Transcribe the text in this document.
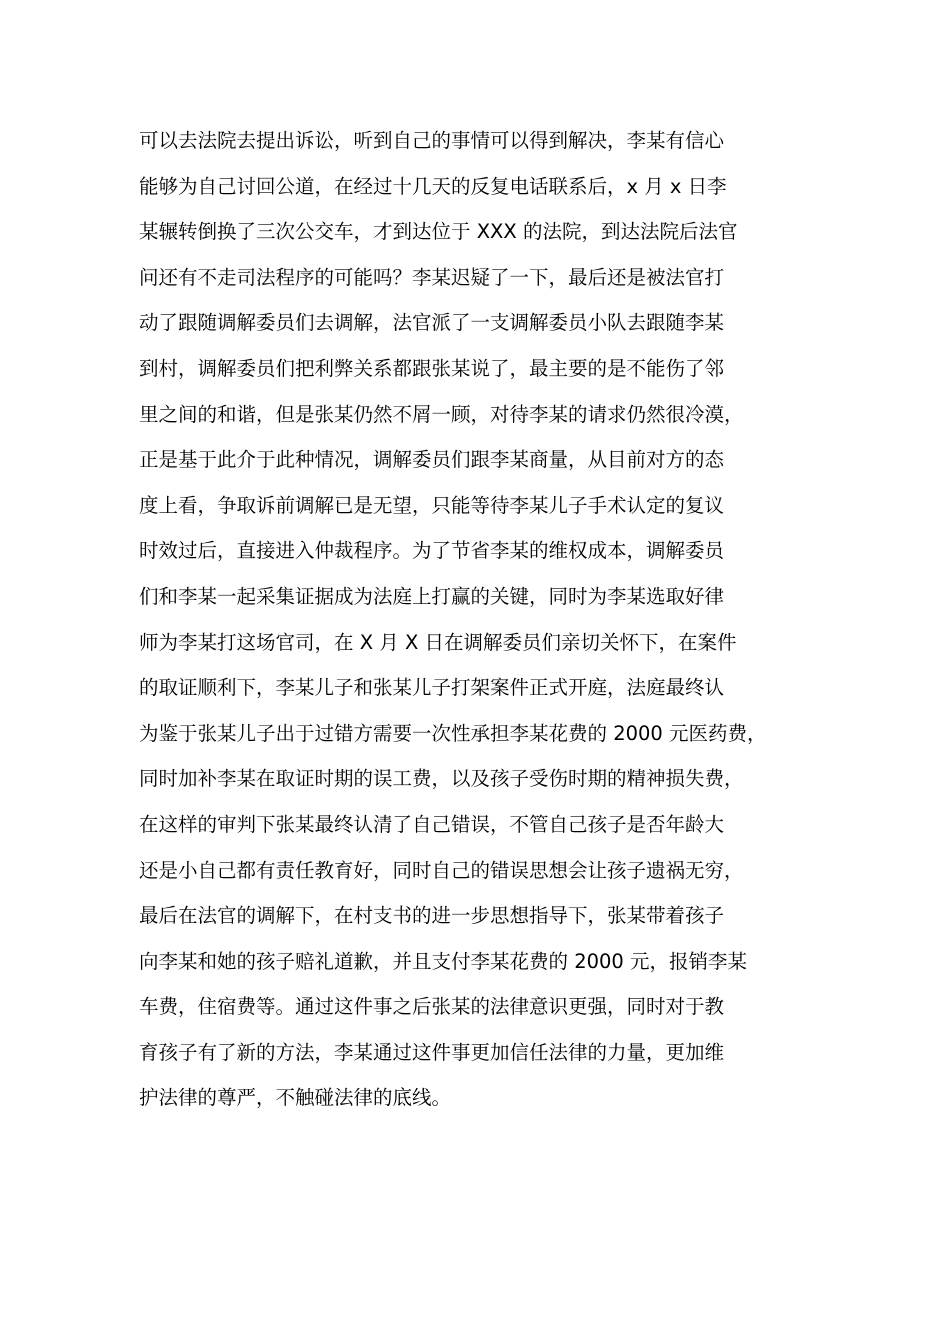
可以去法院去提出诉讼，听到自己的事情可以得到解决，李某有信心
能够为自己讨回公道，在经过十几天的反复电话联系后，x 月 x 日李
某辗转倒换了三次公交车，才到达位于 XXX 的法院，到达法院后法官
问还有不走司法程序的可能吗？李某迟疑了一下，最后还是被法官打
动了跟随调解委员们去调解，法官派了一支调解委员小队去跟随李某
到村，调解委员们把利弊关系都跟张某说了，最主要的是不能伤了邻
里之间的和谐，但是张某仍然不屑一顾，对待李某的请求仍然很冷漠，
正是基于此介于此种情况，调解委员们跟李某商量，从目前对方的态
度上看，争取诉前调解已是无望，只能等待李某儿子手术认定的复议
时效过后，直接进入仲裁程序。为了节省李某的维权成本，调解委员
们和李某一起采集证据成为法庭上打赢的关键，同时为李某选取好律
师为李某打这场官司，在 X 月 X 日在调解委员们亲切关怀下，在案件
的取证顺利下，李某儿子和张某儿子打架案件正式开庭，法庭最终认
为鉴于张某儿子出于过错方需要一次性承担李某花费的 2000 元医药费，
同时加补李某在取证时期的误工费，以及孩子受伤时期的精神损失费，
在这样的审判下张某最终认清了自己错误，不管自己孩子是否年龄大
还是小自己都有责任教育好，同时自己的错误思想会让孩子遗祸无穷，
最后在法官的调解下，在村支书的进一步思想指导下，张某带着孩子
向李某和她的孩子赔礼道歉，并且支付李某花费的 2000 元，报销李某
车费，住宿费等。通过这件事之后张某的法律意识更强，同时对于教
育孩子有了新的方法，李某通过这件事更加信任法律的力量，更加维
护法律的尊严，不触碰法律的底线。
